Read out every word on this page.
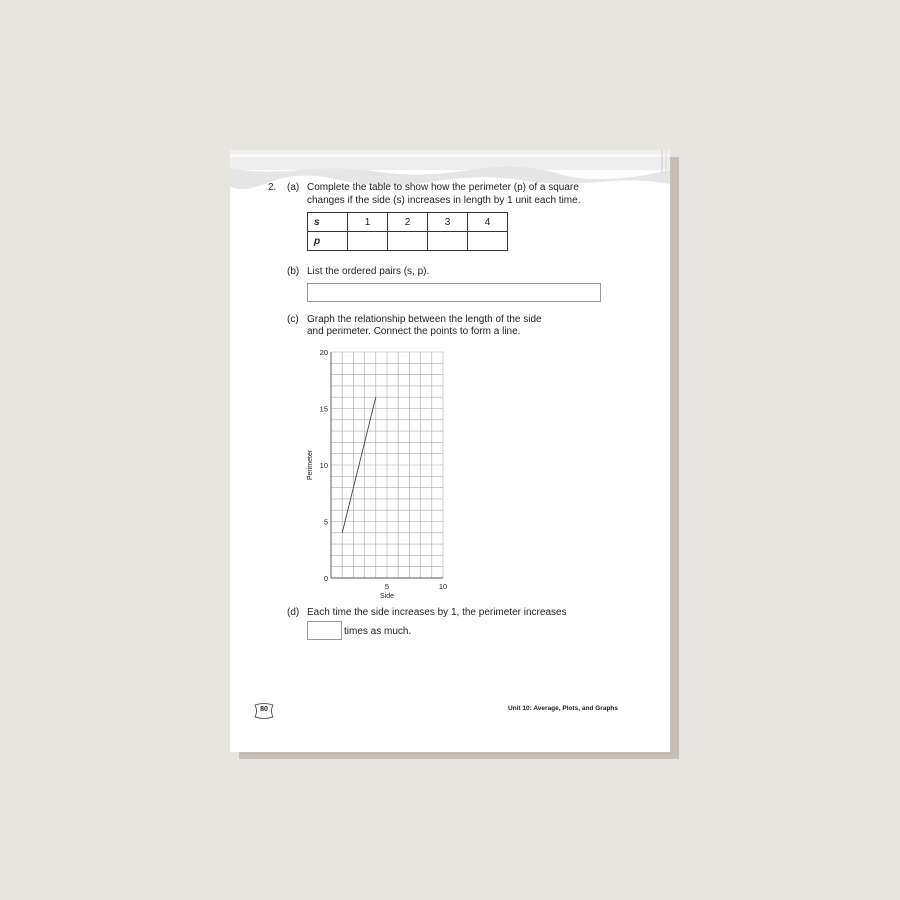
2. (a) Complete the table to show how the perimeter (p) of a square
changes if the side (s) increases in length by 1 unit each time.
s	1	2	3	4
p				
(b) List the ordered pairs (s, p).
(c) Graph the relationship between the length of the side
and perimeter. Connect the points to form a line.
0
5
10
15
20
5	10
Side
Perimeter
(d) Each time the side increases by 1, the perimeter increases
times as much.
80	Unit 10: Average, Plots, and Graphs
